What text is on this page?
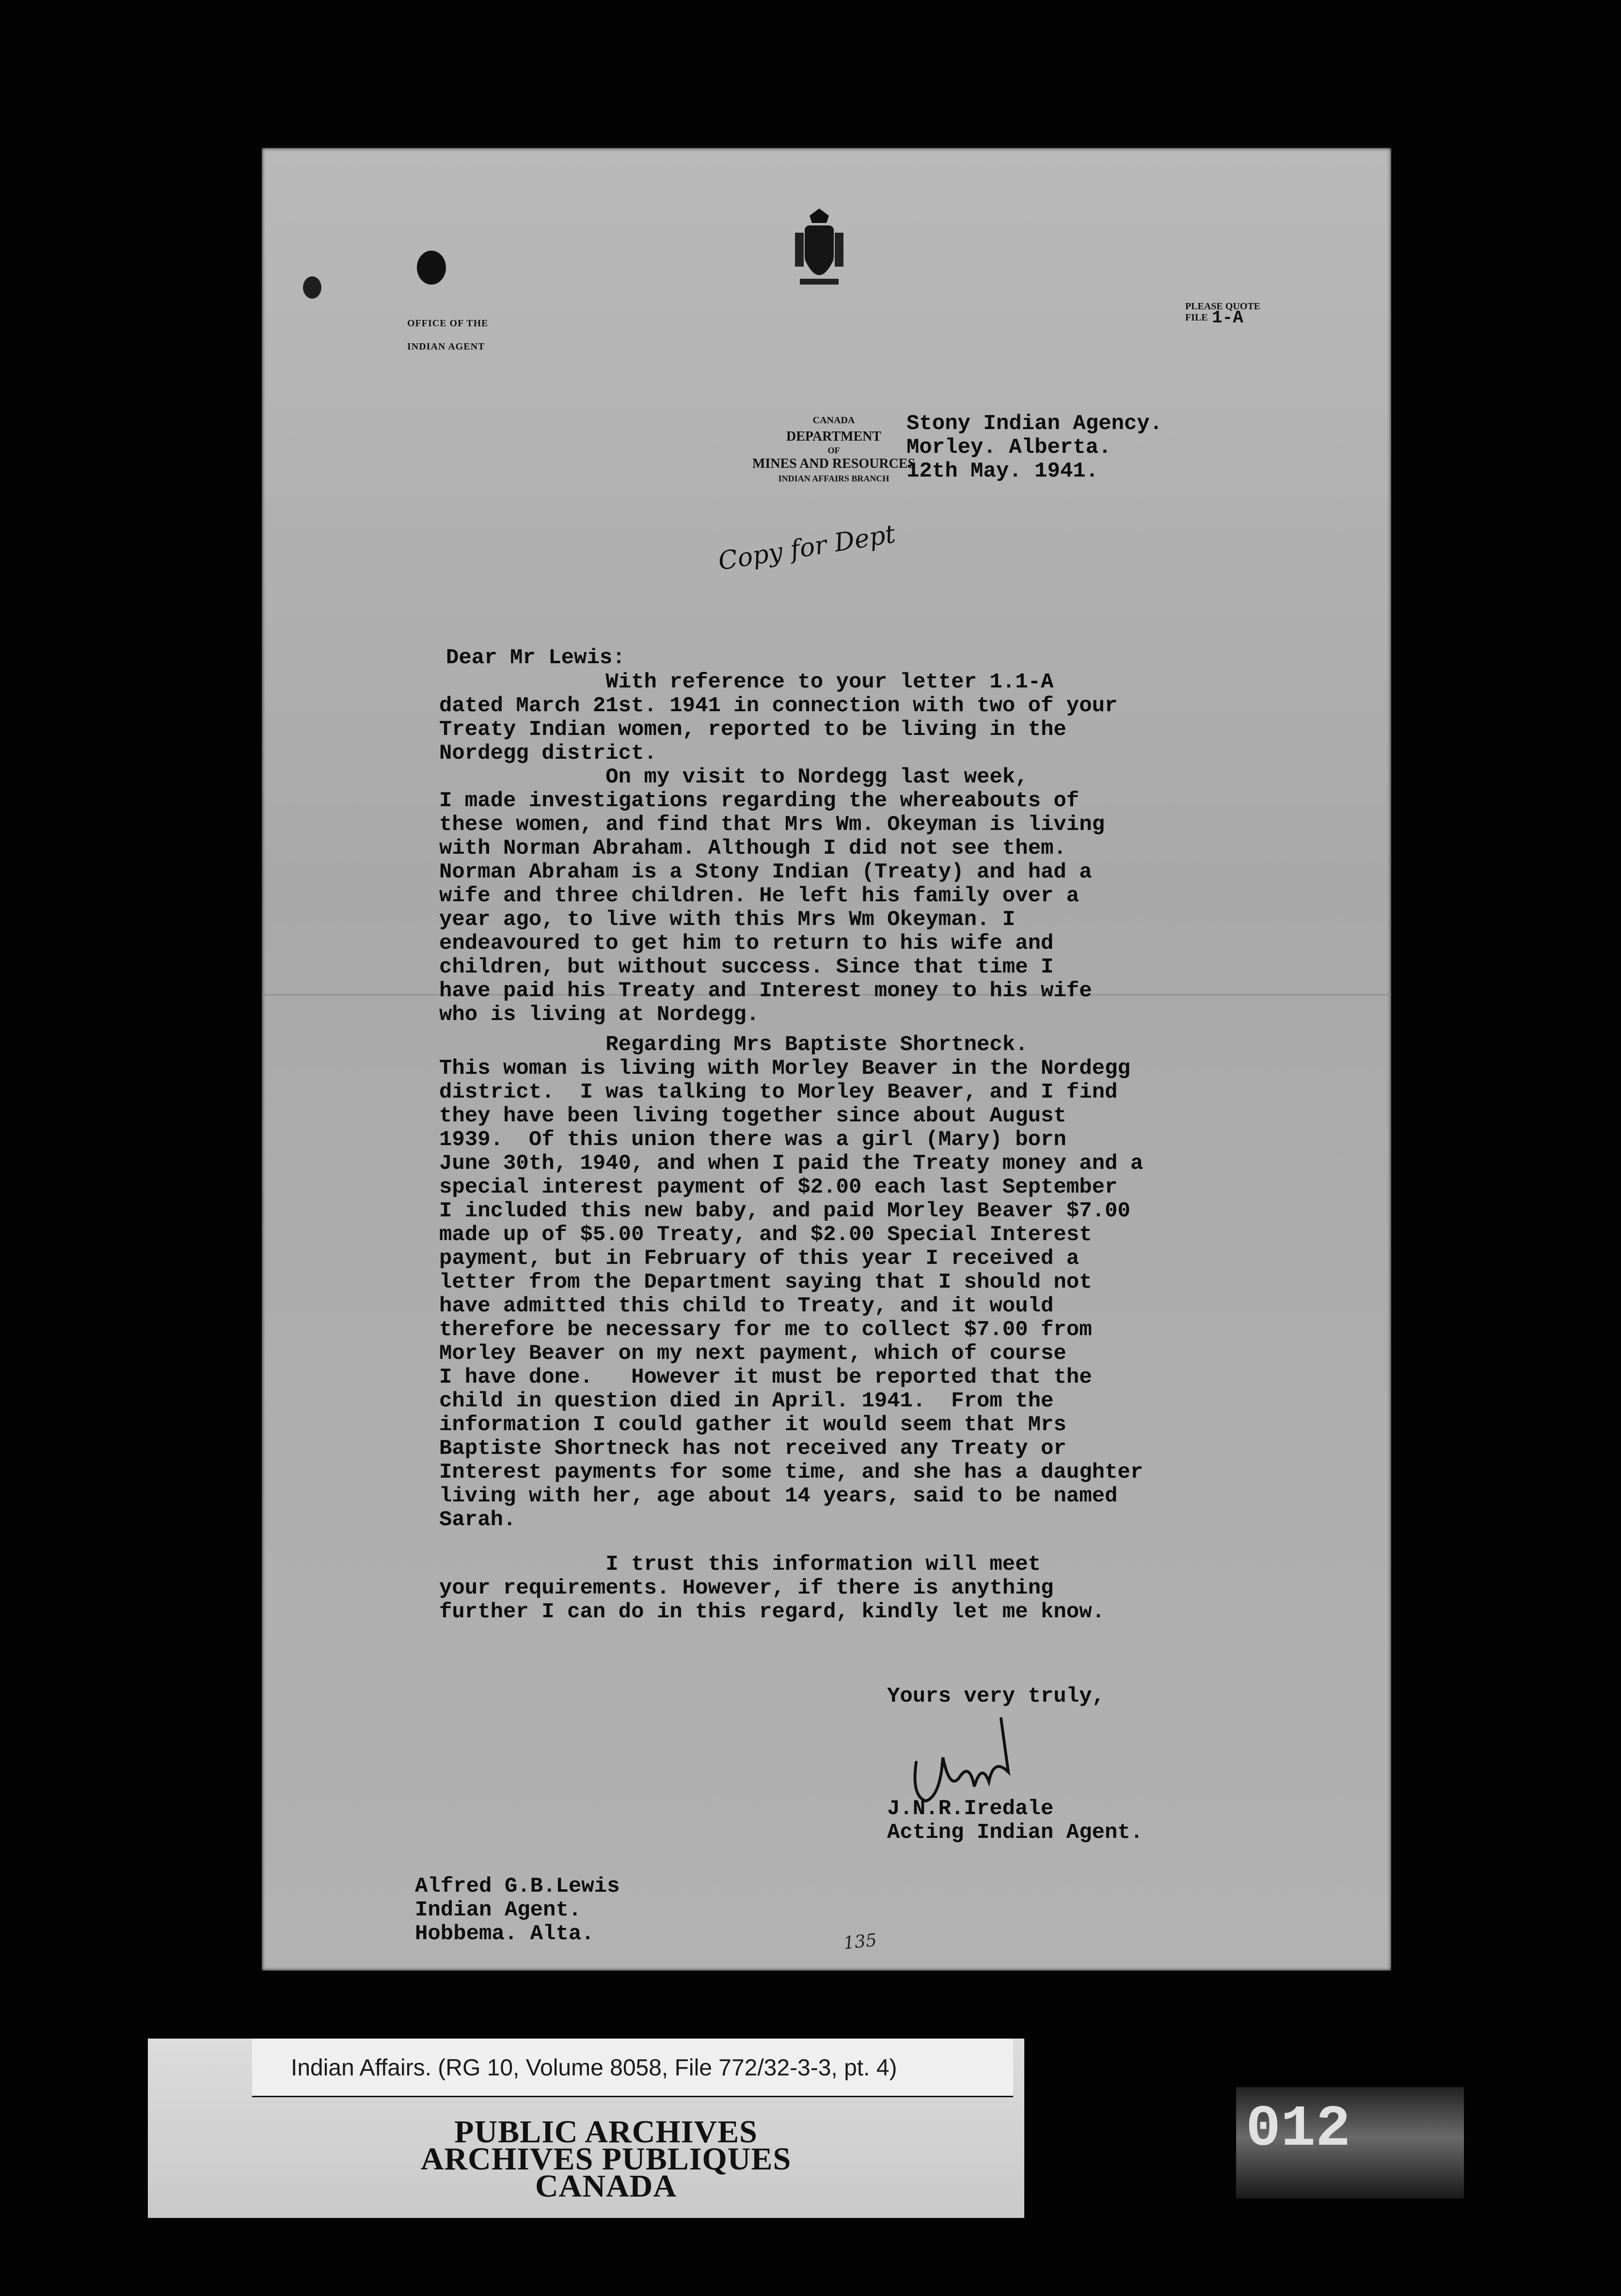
OFFICE OF THE
INDIAN AGENT
CANADA
DEPARTMENT
OF
MINES AND RESOURCES
INDIAN AFFAIRS BRANCH
PLEASE QUOTE
FILE 1-A

Stony Indian Agency.

Morley. Alberta.

12th May. 1941.

Copy for Dept

Dear Mr Lewis:

With reference to your letter 1.1-A

dated March 21st. 1941 in connection with two of your

Treaty Indian women, reported to be living in the

Nordegg district.

On my visit to Nordegg last week,

I made investigations regarding the whereabouts of

these women, and find that Mrs Wm. Okeyman is living

with Norman Abraham. Although I did not see them.

Norman Abraham is a Stony Indian (Treaty) and had a

wife and three children. He left his family over a

year ago, to live with this Mrs Wm Okeyman. I

endeavoured to get him to return to his wife and

children, but without success. Since that time I

have paid his Treaty and Interest money to his wife

who is living at Nordegg.

Regarding Mrs Baptiste Shortneck.

This woman is living with Morley Beaver in the Nordegg

district.  I was talking to Morley Beaver, and I find

they have been living together since about August

1939.  Of this union there was a girl (Mary) born

June 30th, 1940, and when I paid the Treaty money and a

special interest payment of $2.00 each last September

I included this new baby, and paid Morley Beaver $7.00

made up of $5.00 Treaty, and $2.00 Special Interest

payment, but in February of this year I received a

letter from the Department saying that I should not

have admitted this child to Treaty, and it would

therefore be necessary for me to collect $7.00 from

Morley Beaver on my next payment, which of course

I have done.   However it must be reported that the

child in question died in April. 1941.  From the

information I could gather it would seem that Mrs

Baptiste Shortneck has not received any Treaty or

Interest payments for some time, and she has a daughter

living with her, age about 14 years, said to be named

Sarah.

I trust this information will meet

your requirements. However, if there is anything

further I can do in this regard, kindly let me know.

Yours very truly,

J.N.R.Iredale

Acting Indian Agent.

Alfred G.B.Lewis

Indian Agent.

Hobbema. Alta.	135
Indian Affairs. (RG 10, Volume 8058, File 772/32-3-3, pt. 4)
PUBLIC ARCHIVES
ARCHIVES PUBLIQUES
CANADA
012
